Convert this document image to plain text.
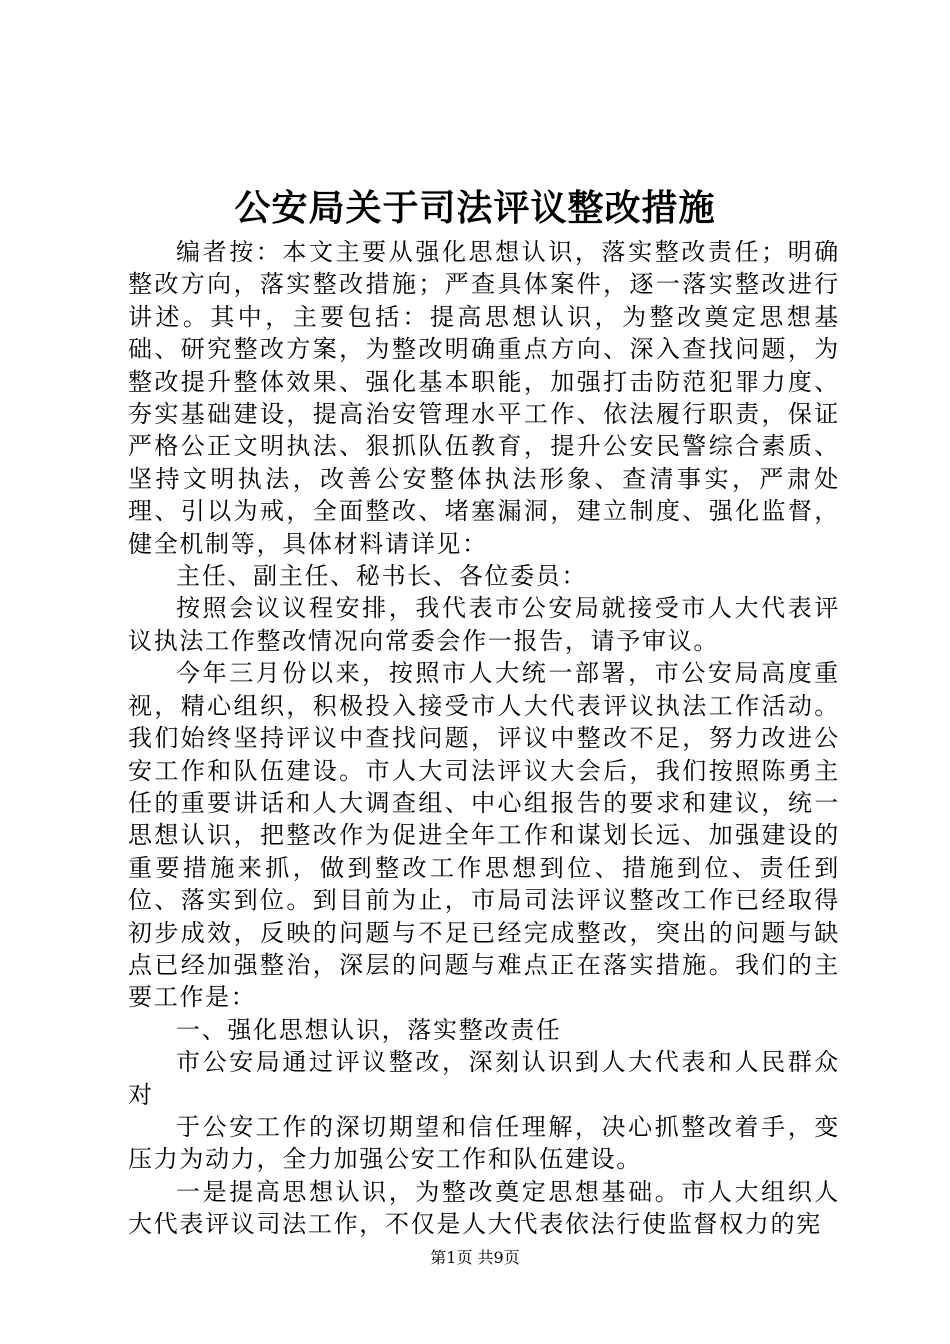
公安局关于司法评议整改措施

编者按：本文主要从强化思想认识，落实整改责任；明确整改方向，落实整改措施；严查具体案件，逐一落实整改进行讲述。其中，主要包括：提高思想认识，为整改奠定思想基础、研究整改方案，为整改明确重点方向、深入查找问题，为整改提升整体效果、强化基本职能，加强打击防范犯罪力度、夯实基础建设，提高治安管理水平工作、依法履行职责，保证严格公正文明执法、狠抓队伍教育，提升公安民警综合素质、坚持文明执法，改善公安整体执法形象、查清事实，严肃处理、引以为戒，全面整改、堵塞漏洞，建立制度、强化监督，健全机制等，具体材料请详见：

主任、副主任、秘书长、各位委员：

按照会议议程安排，我代表市公安局就接受市人大代表评议执法工作整改情况向常委会作一报告，请予审议。

今年三月份以来，按照市人大统一部署，市公安局高度重视，精心组织，积极投入接受市人大代表评议执法工作活动。我们始终坚持评议中查找问题，评议中整改不足，努力改进公安工作和队伍建设。市人大司法评议大会后，我们按照陈勇主任的重要讲话和人大调查组、中心组报告的要求和建议，统一思想认识，把整改作为促进全年工作和谋划长远、加强建设的重要措施来抓，做到整改工作思想到位、措施到位、责任到位、落实到位。到目前为止，市局司法评议整改工作已经取得初步成效，反映的问题与不足已经完成整改，突出的问题与缺点已经加强整治，深层的问题与难点正在落实措施。我们的主要工作是：

一、强化思想认识，落实整改责任

市公安局通过评议整改，深刻认识到人大代表和人民群众对

于公安工作的深切期望和信任理解，决心抓整改着手，变压力为动力，全力加强公安工作和队伍建设。

一是提高思想认识，为整改奠定思想基础。市人大组织人大代表评议司法工作，不仅是人大代表依法行使监督权力的宪

第1页 共9页
